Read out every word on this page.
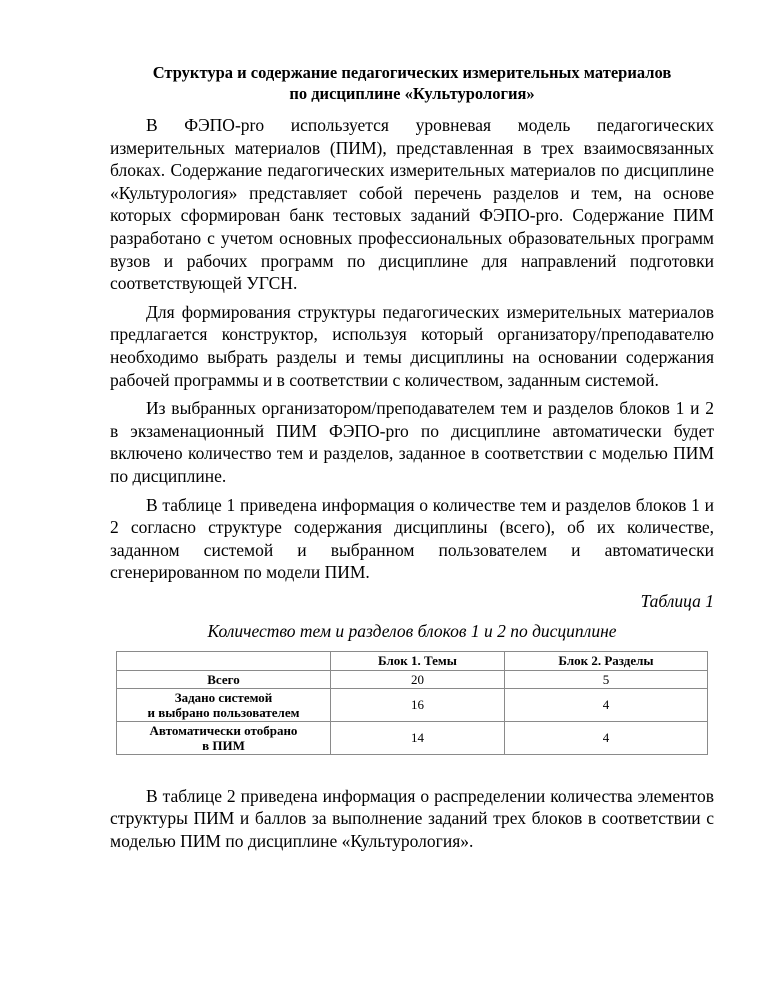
Структура и содержание педагогических измерительных материалов
по дисциплине «Культурология»

В ФЭПО-pro используется уровневая модель педагогических измерительных материалов (ПИМ), представленная в трех взаимосвязанных блоках. Содержание педагогических измерительных материалов по дисциплине «Культурология» представляет собой перечень разделов и тем, на основе которых сформирован банк тестовых заданий ФЭПО-pro. Содержание ПИМ разработано с учетом основных профессиональных образовательных программ вузов и рабочих программ по дисциплине для направлений подготовки соответствующей УГСН.

Для формирования структуры педагогических измерительных материалов предлагается конструктор, используя который организатору/преподавателю необходимо выбрать разделы и темы дисциплины на основании содержания рабочей программы и в соответствии с количеством, заданным системой.

Из выбранных организатором/преподавателем тем и разделов блоков 1 и 2 в экзаменационный ПИМ ФЭПО-pro по дисциплине автоматически будет включено количество тем и разделов, заданное в соответствии с моделью ПИМ по дисциплине.

В таблице 1 приведена информация о количестве тем и разделов блоков 1 и 2 согласно структуре содержания дисциплины (всего), об их количестве, заданном системой и выбранном пользователем и автоматически сгенерированном по модели ПИМ.

Таблица 1
Количество тем и разделов блоков 1 и 2 по дисциплине
	Блок 1. Темы	Блок 2. Разделы
Всего	20	5
Задано системой
и выбрано пользователем	16	4
Автоматически отобрано
в ПИМ	14	4

В таблице 2 приведена информация о распределении количества элементов структуры ПИМ и баллов за выполнение заданий трех блоков в соответствии с моделью ПИМ по дисциплине «Культурология».
